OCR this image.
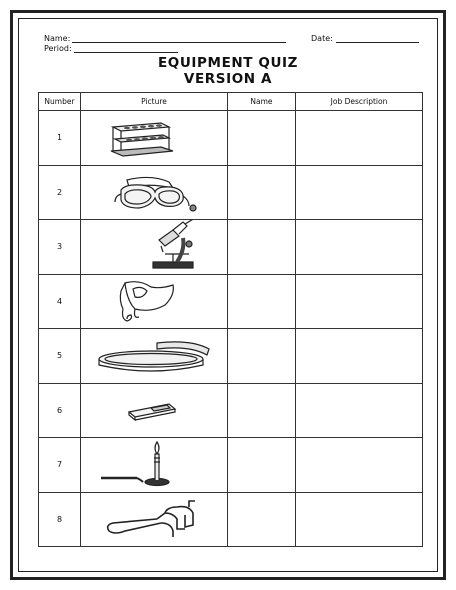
Name:	Date:
Period:
EQUIPMENT QUIZ
VERSION A
Number	Picture	Name	Job Description
1	

2	

3	

4	

5	

6	

7	

8	
